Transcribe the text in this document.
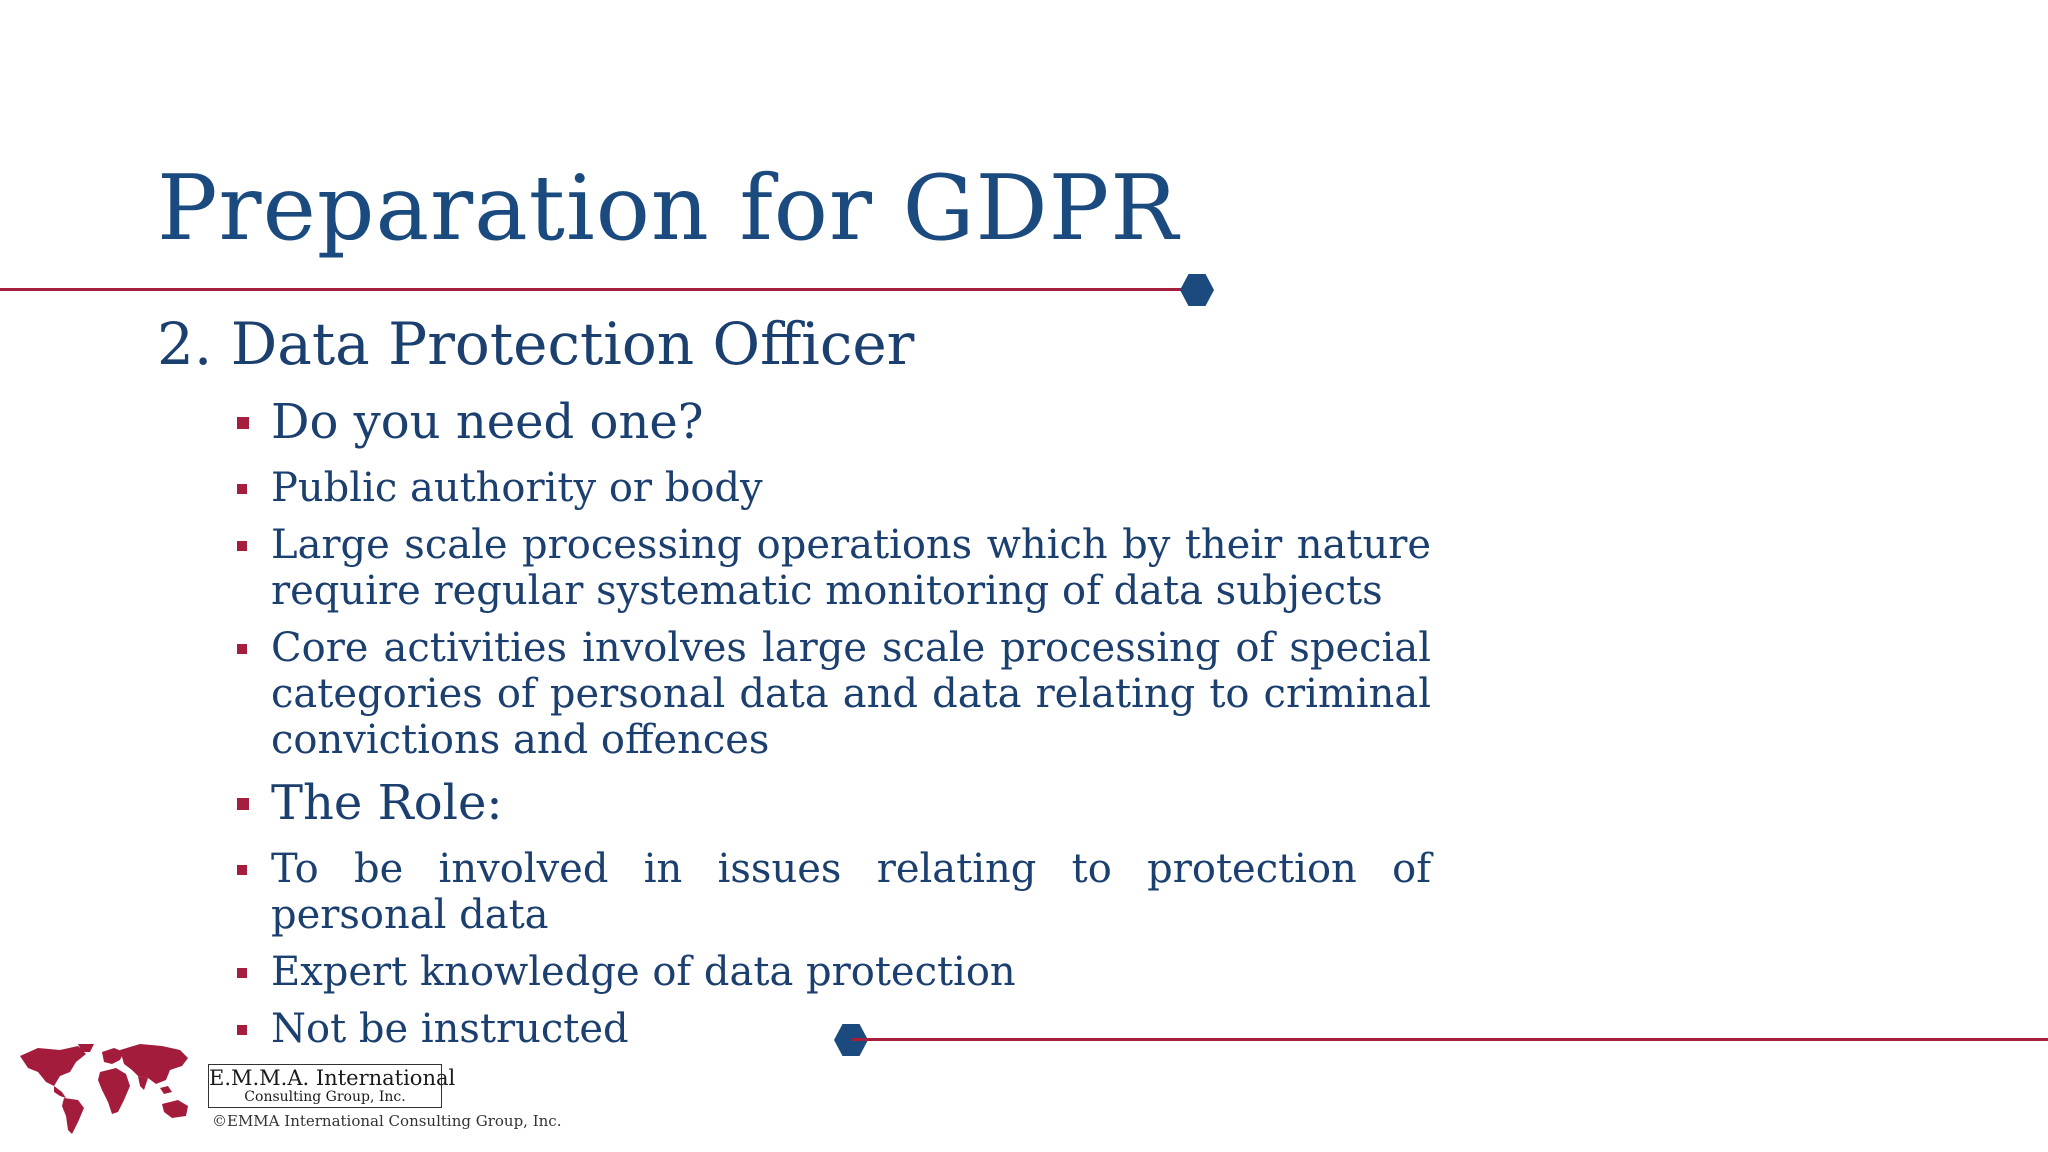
Preparation for GDPR
2. Data Protection Officer
Do you need one?
Public authority or body
Large scale processing operations which by their nature require regular systematic monitoring of data subjects
Core activities involves large scale processing of special categories of personal data and data relating to criminal convictions and offences
The Role:
To be involved in issues relating to protection of personal data
Expert knowledge of data protection
Not be instructed
E.M.M.A. International
Consulting Group, Inc.
©EMMA International Consulting Group, Inc.
